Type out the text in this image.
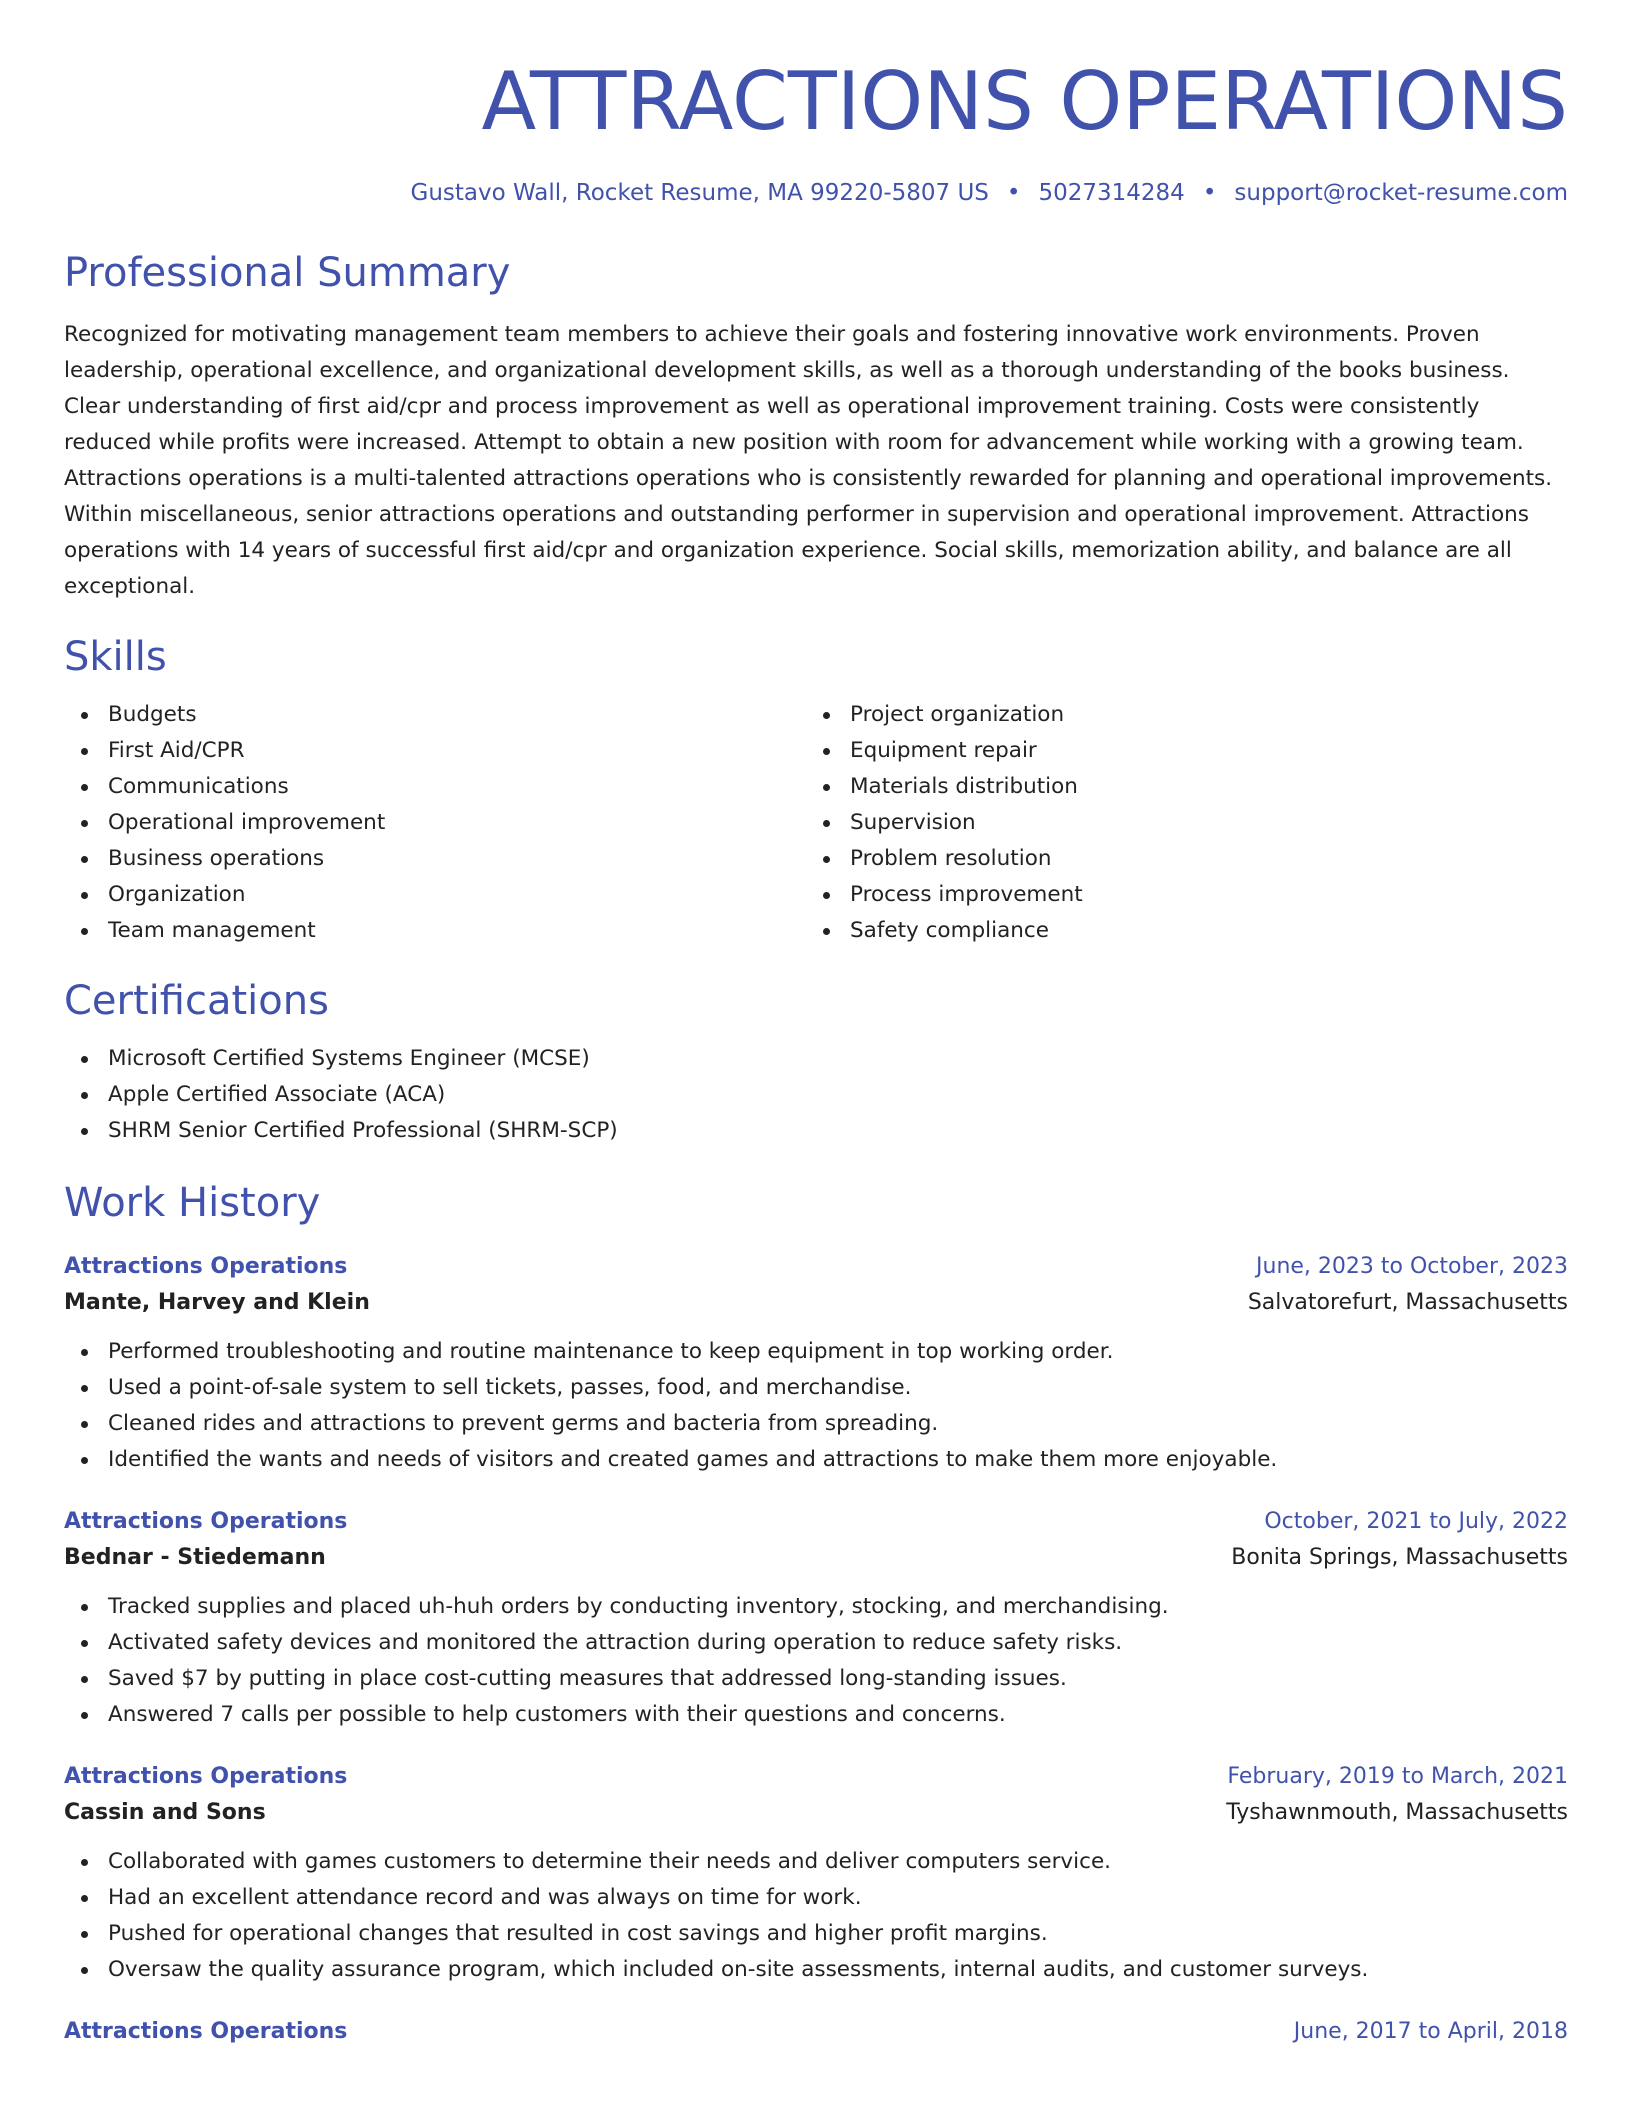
ATTRACTIONS OPERATIONS
Gustavo Wall, Rocket Resume, MA 99220-5807 US • 5027314284 • support@rocket-resume.com
Professional Summary
Recognized for motivating management team members to achieve their goals and fostering innovative work environments. Proven leadership, operational excellence, and organizational development skills, as well as a thorough understanding of the books business. Clear understanding of first aid/cpr and process improvement as well as operational improvement training. Costs were consistently reduced while profits were increased. Attempt to obtain a new position with room for advancement while working with a growing team. Attractions operations is a multi-talented attractions operations who is consistently rewarded for planning and operational improvements. Within miscellaneous, senior attractions operations and outstanding performer in supervision and operational improvement. Attractions operations with 14 years of successful first aid/cpr and organization experience. Social skills, memorization ability, and balance are all exceptional.
Skills
Budgets
First Aid/CPR
Communications
Operational improvement
Business operations
Organization
Team management
Project organization
Equipment repair
Materials distribution
Supervision
Problem resolution
Process improvement
Safety compliance
Certifications
Microsoft Certified Systems Engineer (MCSE)
Apple Certified Associate (ACA)
SHRM Senior Certified Professional (SHRM-SCP)
Work History
Attractions Operations	June, 2023 to October, 2023
Mante, Harvey and Klein	Salvatorefurt, Massachusetts
Performed troubleshooting and routine maintenance to keep equipment in top working order.
Used a point-of-sale system to sell tickets, passes, food, and merchandise.
Cleaned rides and attractions to prevent germs and bacteria from spreading.
Identified the wants and needs of visitors and created games and attractions to make them more enjoyable.
Attractions Operations	October, 2021 to July, 2022
Bednar - Stiedemann	Bonita Springs, Massachusetts
Tracked supplies and placed uh-huh orders by conducting inventory, stocking, and merchandising.
Activated safety devices and monitored the attraction during operation to reduce safety risks.
Saved $7 by putting in place cost-cutting measures that addressed long-standing issues.
Answered 7 calls per possible to help customers with their questions and concerns.
Attractions Operations	February, 2019 to March, 2021
Cassin and Sons	Tyshawnmouth, Massachusetts
Collaborated with games customers to determine their needs and deliver computers service.
Had an excellent attendance record and was always on time for work.
Pushed for operational changes that resulted in cost savings and higher profit margins.
Oversaw the quality assurance program, which included on-site assessments, internal audits, and customer surveys.
Attractions Operations	June, 2017 to April, 2018
